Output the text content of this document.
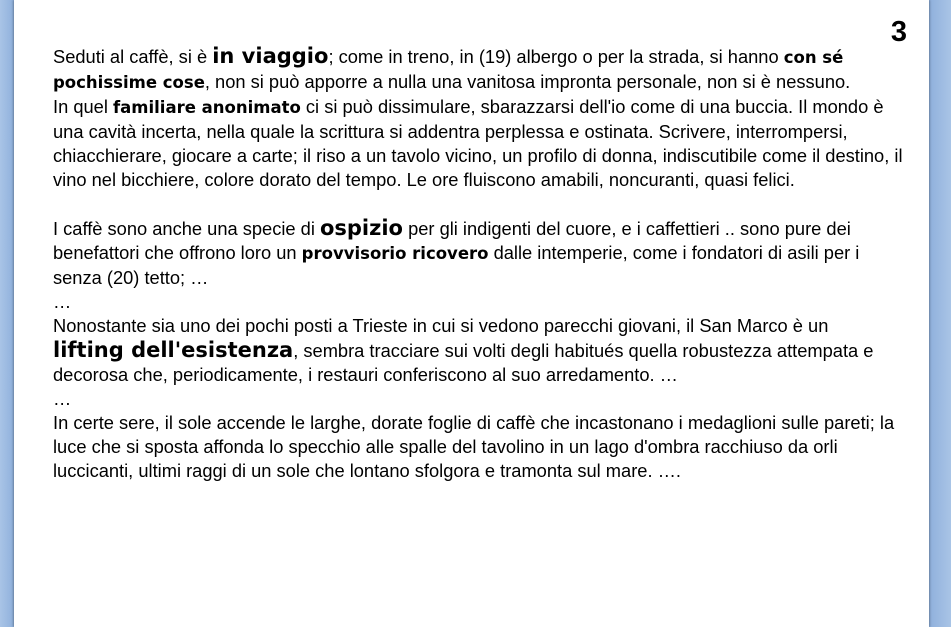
3

Seduti al caffè, si è in viaggio; come in treno, in (19) albergo o per la strada, si hanno con sé pochissime cose, non si può apporre a nulla una vanitosa impronta personale, non si è nessuno.

In quel familiare anonimato ci si può dissimulare, sbarazzarsi dell'io come di una buccia. Il mondo è una cavità incerta, nella quale la scrittura si addentra perplessa e ostinata. Scrivere, interrompersi, chiacchierare, giocare a carte; il riso a un tavolo vicino, un profilo di donna, indiscutibile come il destino, il vino nel bicchiere, colore dorato del tempo. Le ore fluiscono amabili, noncuranti, quasi felici.

I caffè sono anche una specie di ospizio per gli indigenti del cuore, e i caffettieri .. sono pure dei benefattori che offrono loro un provvisorio ricovero dalle intemperie, come i fondatori di asili per i senza (20) tetto; …

…

Nonostante sia uno dei pochi posti a Trieste in cui si vedono parecchi giovani, il San Marco è un lifting dell'esistenza, sembra tracciare sui volti degli habitués quella robustezza attempata e decorosa che, periodicamente, i restauri conferiscono al suo arredamento. …

…

In certe sere, il sole accende le larghe, dorate foglie di caffè che incastonano i medaglioni sulle pareti; la luce che si sposta affonda lo specchio alle spalle del tavolino in un lago d'ombra racchiuso da orli luccicanti, ultimi raggi di un sole che lontano sfolgora e tramonta sul mare. ….
